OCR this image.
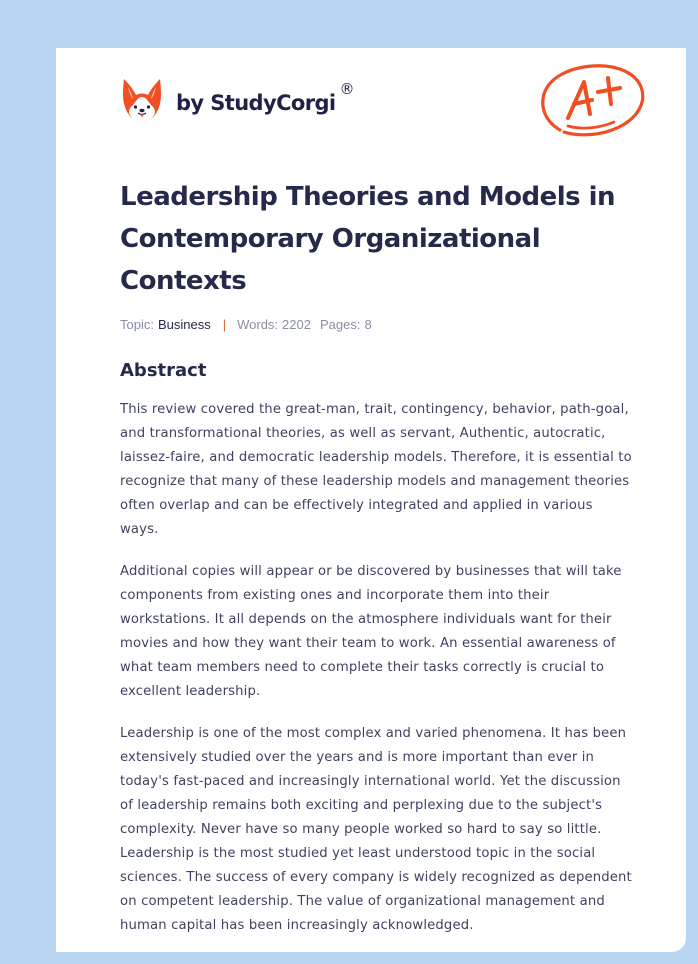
by StudyCorgi
®
Leadership Theories and Models in Contemporary Organizational Contexts
Topic: Business | Words: 2202 Pages: 8
Abstract

This review covered the great-man, trait, contingency, behavior, path-goal, and transformational theories, as well as servant, Authentic, autocratic, laissez-faire, and democratic leadership models. Therefore, it is essential to recognize that many of these leadership models and management theories often overlap and can be effectively integrated and applied in various ways.

Additional copies will appear or be discovered by businesses that will take components from existing ones and incorporate them into their workstations. It all depends on the atmosphere individuals want for their movies and how they want their team to work. An essential awareness of what team members need to complete their tasks correctly is crucial to excellent leadership.

Leadership is one of the most complex and varied phenomena. It has been extensively studied over the years and is more important than ever in today's fast-paced and increasingly international world. Yet the discussion of leadership remains both exciting and perplexing due to the subject's complexity. Never have so many people worked so hard to say so little. Leadership is the most studied yet least understood topic in the social sciences. The success of every company is widely recognized as dependent on competent leadership. The value of organizational management and human capital has been increasingly acknowledged.
